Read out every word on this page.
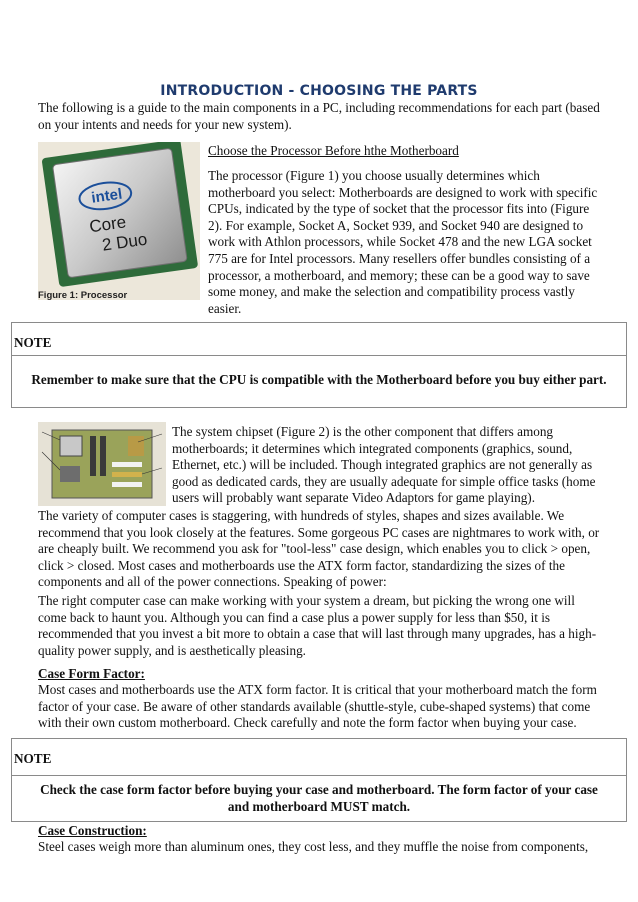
INTRODUCTION - CHOOSING THE PARTS
The following is a guide to the main components in a PC, including recommendations for each part (based on your intents and needs for your new system).
intel
Core
2 Duo
Figure 1: Processor
Choose the Processor Before hthe Motherboard
The processor (Figure 1) you choose usually determines which motherboard you select: Motherboards are designed to work with specific CPUs, indicated by the type of socket that the processor fits into (Figure 2). For example, Socket A, Socket 939, and Socket 940 are designed to work with Athlon processors, while Socket 478 and the new LGA socket 775 are for Intel processors. Many resellers offer bundles consisting of a processor, a motherboard, and memory; these can be a good way to save some money, and make the selection and compatibility process vastly easier.
NOTE
Remember to make sure that the CPU is compatible with the Motherboard before you buy either part.
The system chipset (Figure 2) is the other component that differs among motherboards; it determines which integrated components (graphics, sound, Ethernet, etc.) will be included. Though integrated graphics are not generally as good as dedicated cards, they are usually adequate for simple office tasks (home users will probably want separate Video Adaptors for game playing).
The variety of computer cases is staggering, with hundreds of styles, shapes and sizes available. We recommend that you look closely at the features. Some gorgeous PC cases are nightmares to work with, or are cheaply built. We recommend you ask for "tool-less" case design, which enables you to click > open, click > closed. Most cases and motherboards use the ATX form factor, standardizing the sizes of the components and all of the power connections. Speaking of power:
The right computer case can make working with your system a dream, but picking the wrong one will come back to haunt you. Although you can find a case plus a power supply for less than $50, it is recommended that you invest a bit more to obtain a case that will last through many upgrades, has a high-quality power supply, and is aesthetically pleasing.
Case Form Factor:
Most cases and motherboards use the ATX form factor. It is critical that your motherboard match the form factor of your case. Be aware of other standards available (shuttle-style, cube-shaped systems) that come with their own custom motherboard. Check carefully and note the form factor when buying your case.
NOTE
Check the case form factor before buying your case and motherboard. The form factor of your case and motherboard MUST match.
Case Construction:
Steel cases weigh more than aluminum ones, they cost less, and they muffle the noise from components,
